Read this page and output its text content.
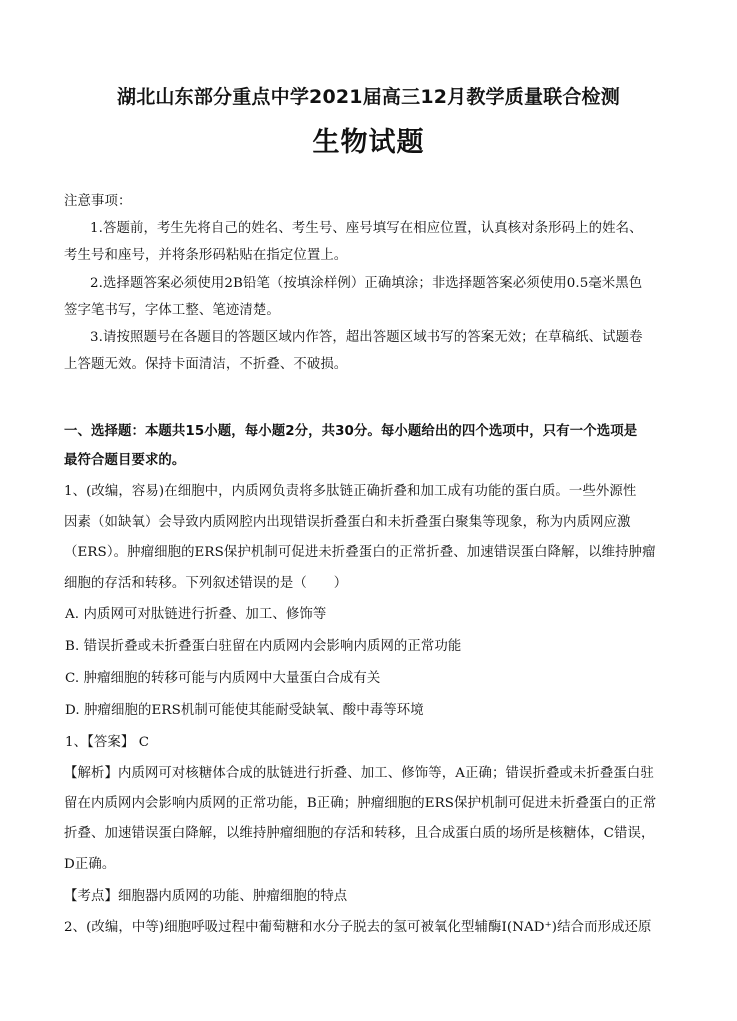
湖北山东部分重点中学2021届高三12月教学质量联合检测
生物试题
注意事项：
1.答题前，考生先将自己的姓名、考生号、座号填写在相应位置，认真核对条形码上的姓名、
考生号和座号，并将条形码粘贴在指定位置上。
2.选择题答案必须使用2B铅笔（按填涂样例）正确填涂；非选择题答案必须使用0.5毫米黑色
签字笔书写，字体工整、笔迹清楚。
3.请按照题号在各题目的答题区域内作答，超出答题区域书写的答案无效；在草稿纸、试题卷
上答题无效。保持卡面清洁，不折叠、不破损。
一、选择题：本题共15小题，每小题2分，共30分。每小题给出的四个选项中，只有一个选项是
最符合题目要求的。
1、(改编，容易)在细胞中，内质网负责将多肽链正确折叠和加工成有功能的蛋白质。一些外源性
因素（如缺氧）会导致内质网腔内出现错误折叠蛋白和未折叠蛋白聚集等现象，称为内质网应激
（ERS）。肿瘤细胞的ERS保护机制可促进未折叠蛋白的正常折叠、加速错误蛋白降解，以维持肿瘤
细胞的存活和转移。下列叙述错误的是（　　）
A. 内质网可对肽链进行折叠、加工、修饰等
B. 错误折叠或未折叠蛋白驻留在内质网内会影响内质网的正常功能
C. 肿瘤细胞的转移可能与内质网中大量蛋白合成有关
D. 肿瘤细胞的ERS机制可能使其能耐受缺氧、酸中毒等环境
1、【答案】 C
【解析】内质网可对核糖体合成的肽链进行折叠、加工、修饰等，A正确；错误折叠或未折叠蛋白驻
留在内质网内会影响内质网的正常功能，B正确；肿瘤细胞的ERS保护机制可促进未折叠蛋白的正常
折叠、加速错误蛋白降解，以维持肿瘤细胞的存活和转移，且合成蛋白质的场所是核糖体，C错误，
D正确。
【考点】细胞器内质网的功能、肿瘤细胞的特点
2、(改编，中等)细胞呼吸过程中葡萄糖和水分子脱去的氢可被氧化型辅酶Ⅰ(NAD⁺)结合而形成还原
